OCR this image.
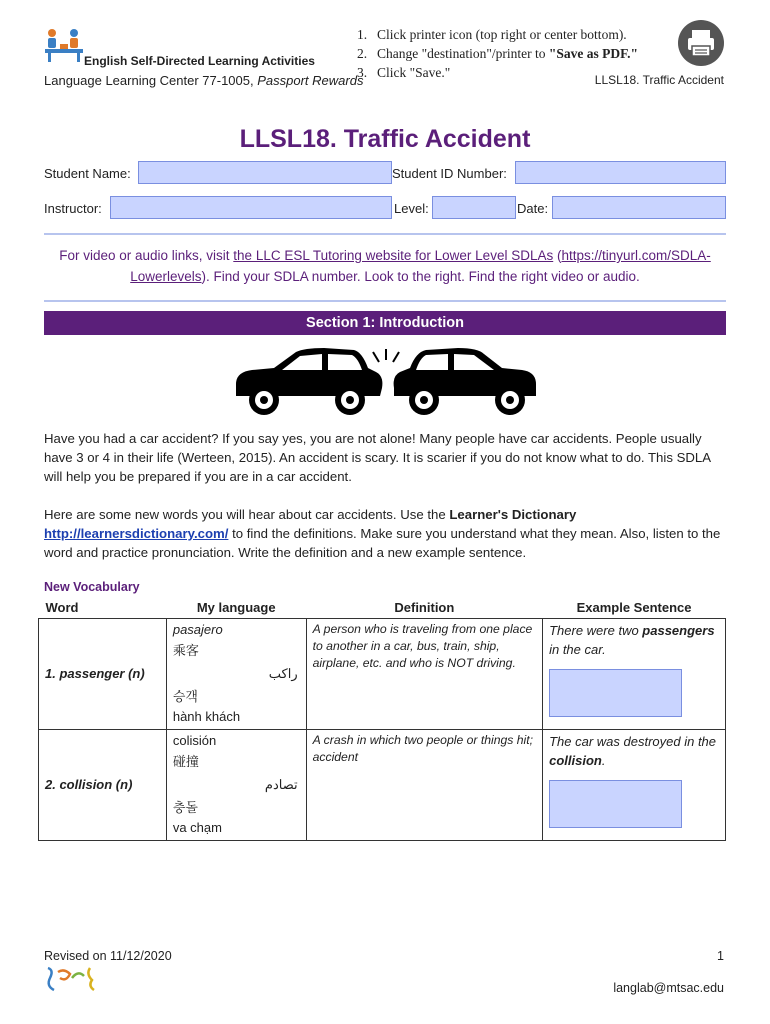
English Self-Directed Learning Activities
Language Learning Center 77-1005, Passport Rewards
1. Click printer icon (top right or center bottom).
2. Change "destination"/printer to "Save as PDF."
3. Click "Save."	LLSL18. Traffic Accident
LLSL18. Traffic Accident
Student Name:	Student ID Number:
Instructor:	Level:	Date:
For video or audio links, visit the LLC ESL Tutoring website for Lower Level SDLAs (https://tinyurl.com/SDLA-Lowerlevels). Find your SDLA number. Look to the right. Find the right video or audio.
Section 1: Introduction
Have you had a car accident? If you say yes, you are not alone! Many people have car accidents. People usually have 3 or 4 in their life (Werteen, 2015). An accident is scary. It is scarier if you do not know what to do. This SDLA will help you be prepared if you are in a car accident.
Here are some new words you will hear about car accidents. Use the Learner's Dictionary
http://learnersdictionary.com/ to find the definitions. Make sure you understand what they mean. Also, listen to the word and practice pronunciation. Write the definition and a new example sentence.
New Vocabulary
Word	My language	Definition	Example Sentence
1. passenger (n)	pasajero
乘客
راكب
승객
hành khách	A person who is traveling from one place to another in a car, bus, train, ship, airplane, etc. and who is NOT driving.	There were two passengers in the car.

2. collision (n)	colisión
碰撞
تصادم
충돌
va chạm	A crash in which two people or things hit; accident	The car was destroyed in the collision.
Revised on 11/12/2020	1
langlab@mtsac.edu
